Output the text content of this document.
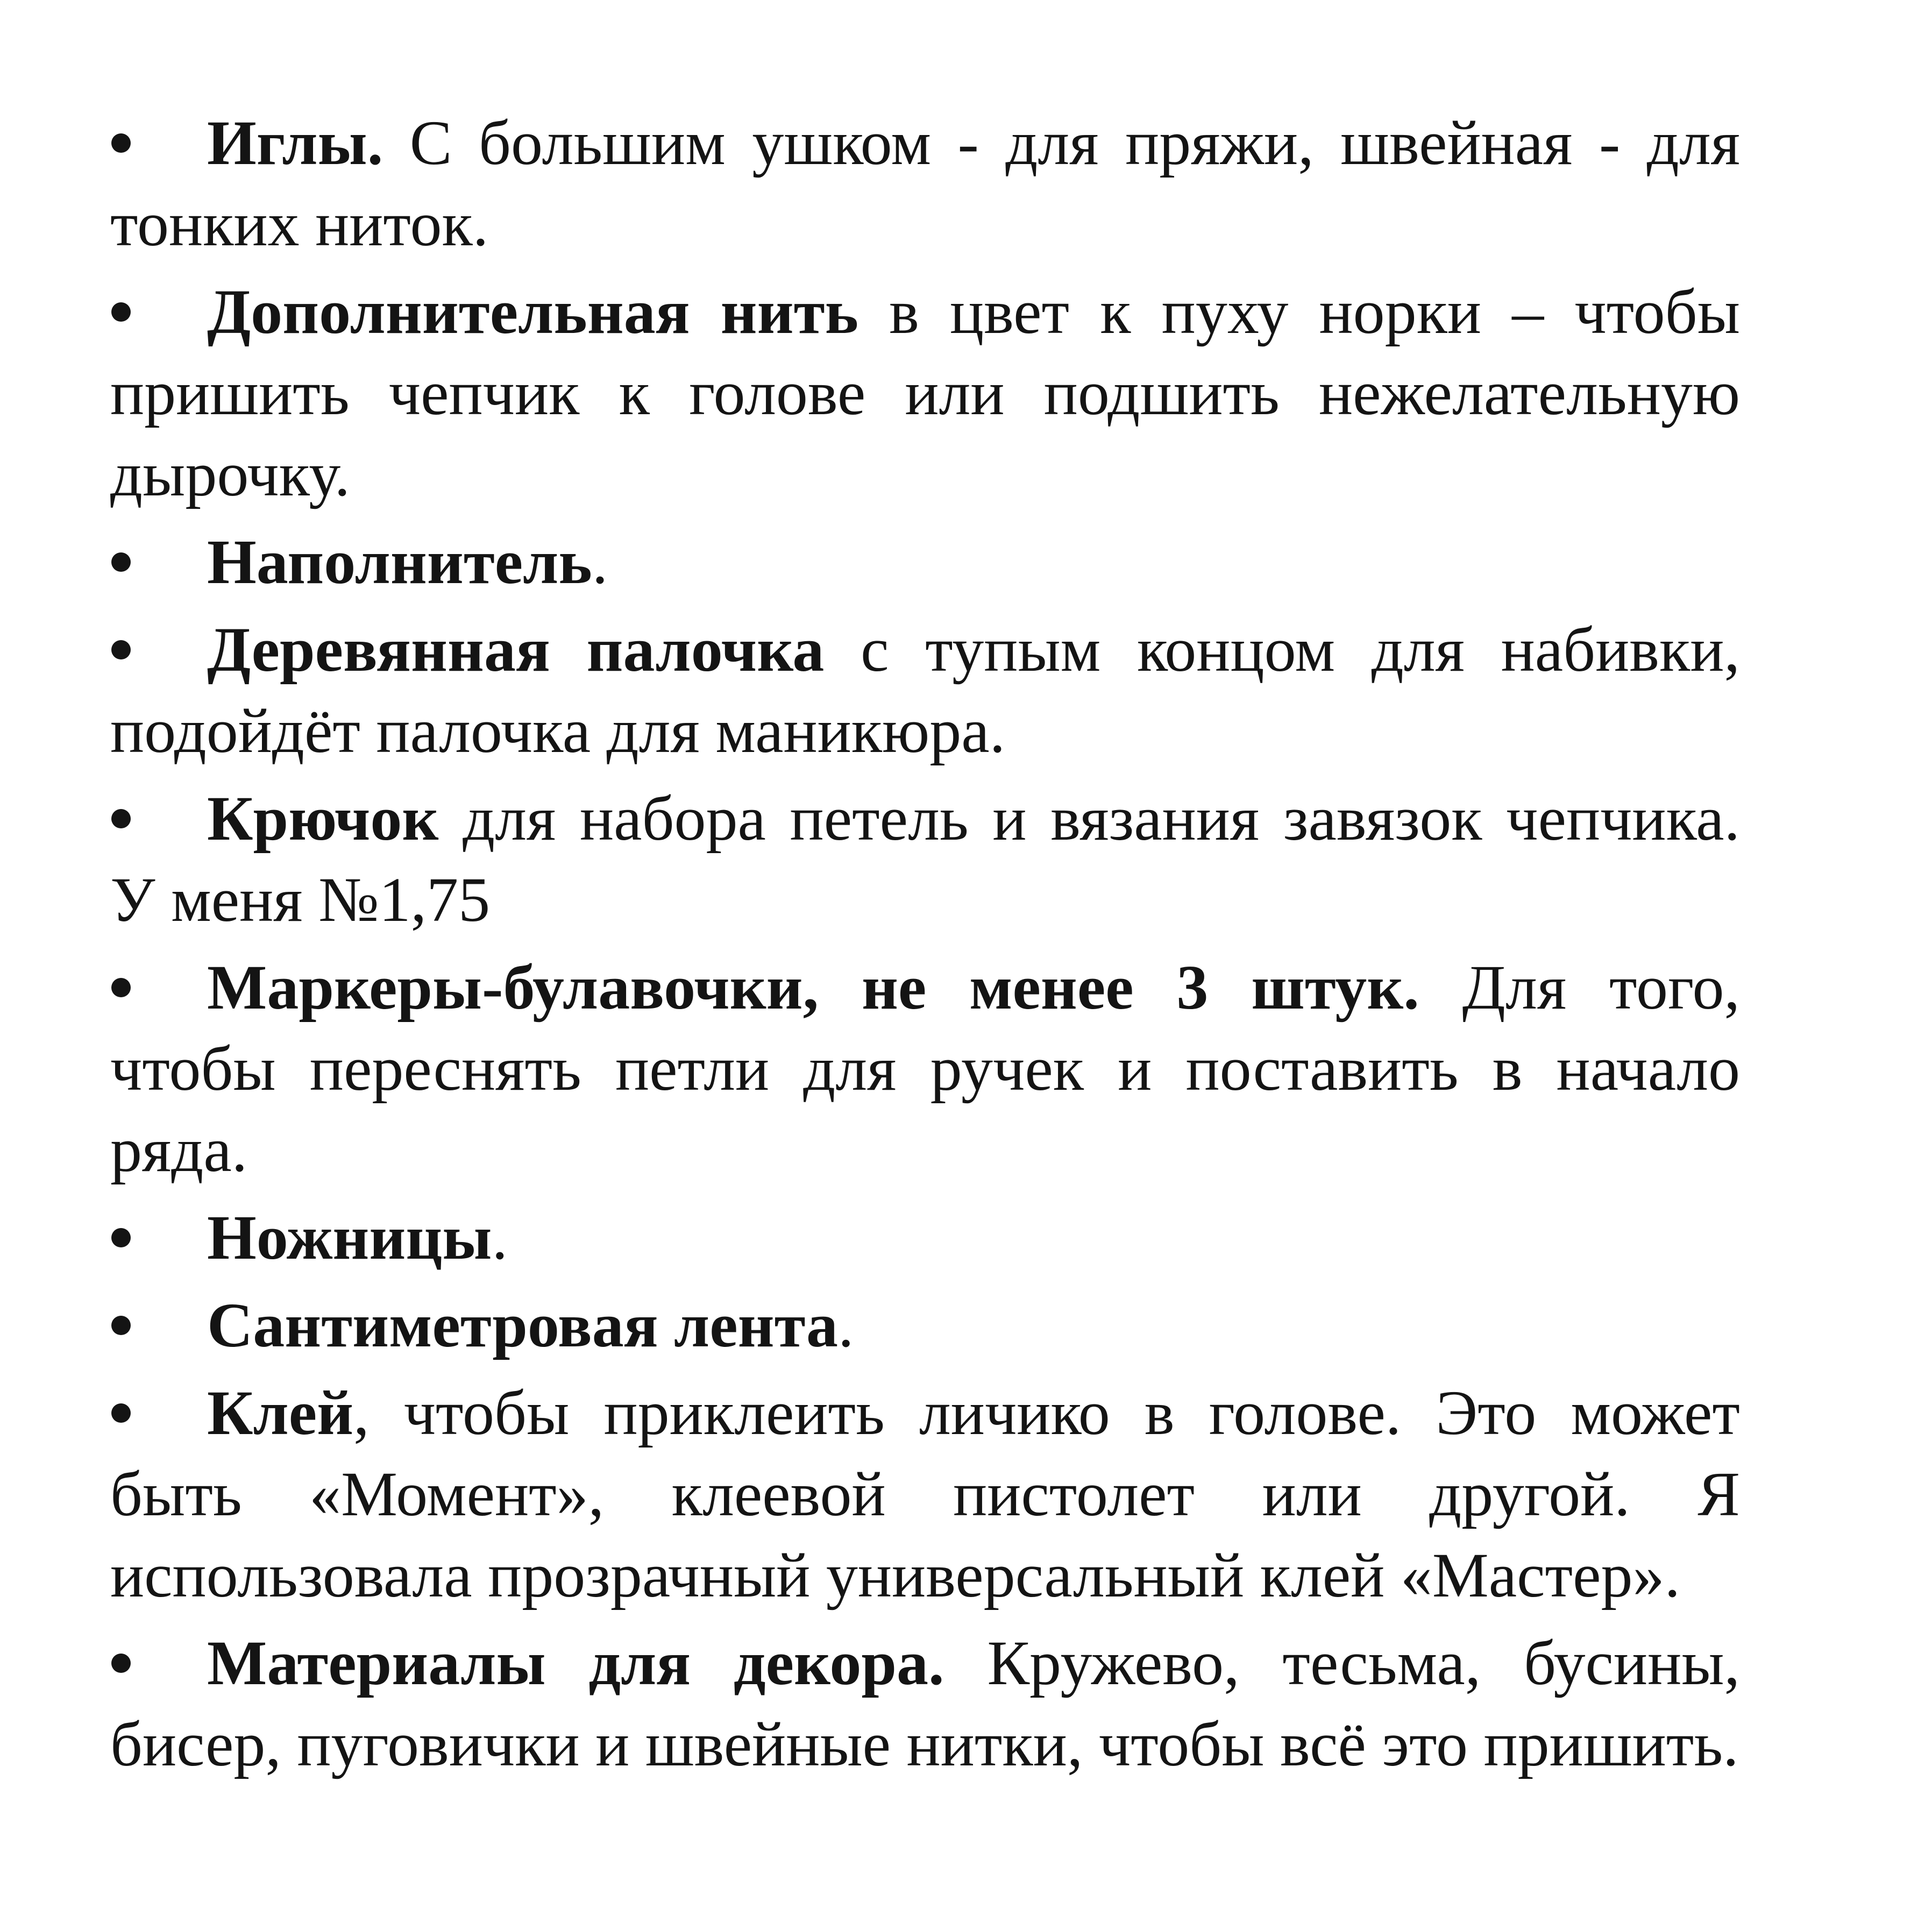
Иглы. С большим ушком - для пряжи, швейная - для тонких ниток.

Дополнительная нить в цвет к пуху норки – чтобы пришить чепчик к голове или подшить нежелательную дырочку.

Наполнитель.

Деревянная палочка с тупым концом для набивки, подойдёт палочка для маникюра.

Крючок для набора петель и вязания завязок чепчика. У меня №1,75

Маркеры-булавочки, не менее 3 штук. Для того, чтобы переснять петли для ручек и поставить в начало ряда.

Ножницы.

Сантиметровая лента.

Клей, чтобы приклеить личико в голове. Это может быть «Момент», клеевой пистолет или другой. Я использовала прозрачный универсальный клей «Мастер».

Материалы для декора. Кружево, тесьма, бусины, бисер, пуговички и швейные нитки, чтобы всё это пришить.
